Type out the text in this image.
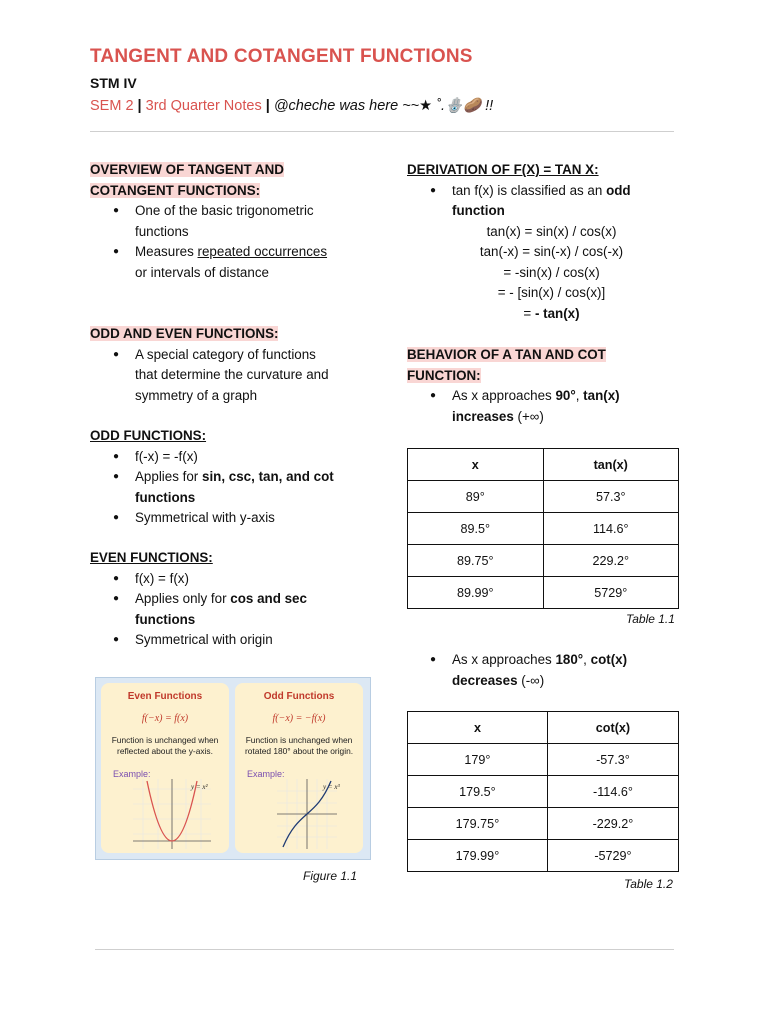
TANGENT AND COTANGENT FUNCTIONS
STM IV
SEM 2 | 3rd Quarter Notes | @cheche was here ~~★ ˚.🪬🥔 !!
OVERVIEW OF TANGENT AND
COTANGENT FUNCTIONS:
● One of the basic trigonometric
functions
● Measures repeated occurrences
or intervals of distance
ODD AND EVEN FUNCTIONS:
● A special category of functions
that determine the curvature and
symmetry of a graph
ODD FUNCTIONS:
● f(-x) = -f(x)
● Applies for sin, csc, tan, and cot
functions
● Symmetrical with y-axis
EVEN FUNCTIONS:
● f(x) = f(x)
● Applies only for cos and sec
functions
● Symmetrical with origin
Even Functions
f(−x) = f(x)
Function is unchanged when
reflected about the y-axis.
Example:
y = x²
Odd Functions
f(−x) = −f(x)
Function is unchanged when
rotated 180° about the origin.
Example:
y = x³
Figure 1.1
DERIVATION OF F(X) = TAN X:
● tan f(x) is classified as an odd
function
tan(x) = sin(x) / cos(x)
tan(-x) = sin(-x) / cos(-x)
= -sin(x) / cos(x)
= - [sin(x) / cos(x)]
= - tan(x)
BEHAVIOR OF A TAN AND COT
FUNCTION:
● As x approaches 90°, tan(x)
increases (+∞)
x	tan(x)
89°	57.3°
89.5°	114.6°
89.75°	229.2°
89.99°	5729°
Table 1.1
● As x approaches 180°, cot(x)
decreases (-∞)
x	cot(x)
179°	-57.3°
179.5°	-114.6°
179.75°	-229.2°
179.99°	-5729°
Table 1.2
